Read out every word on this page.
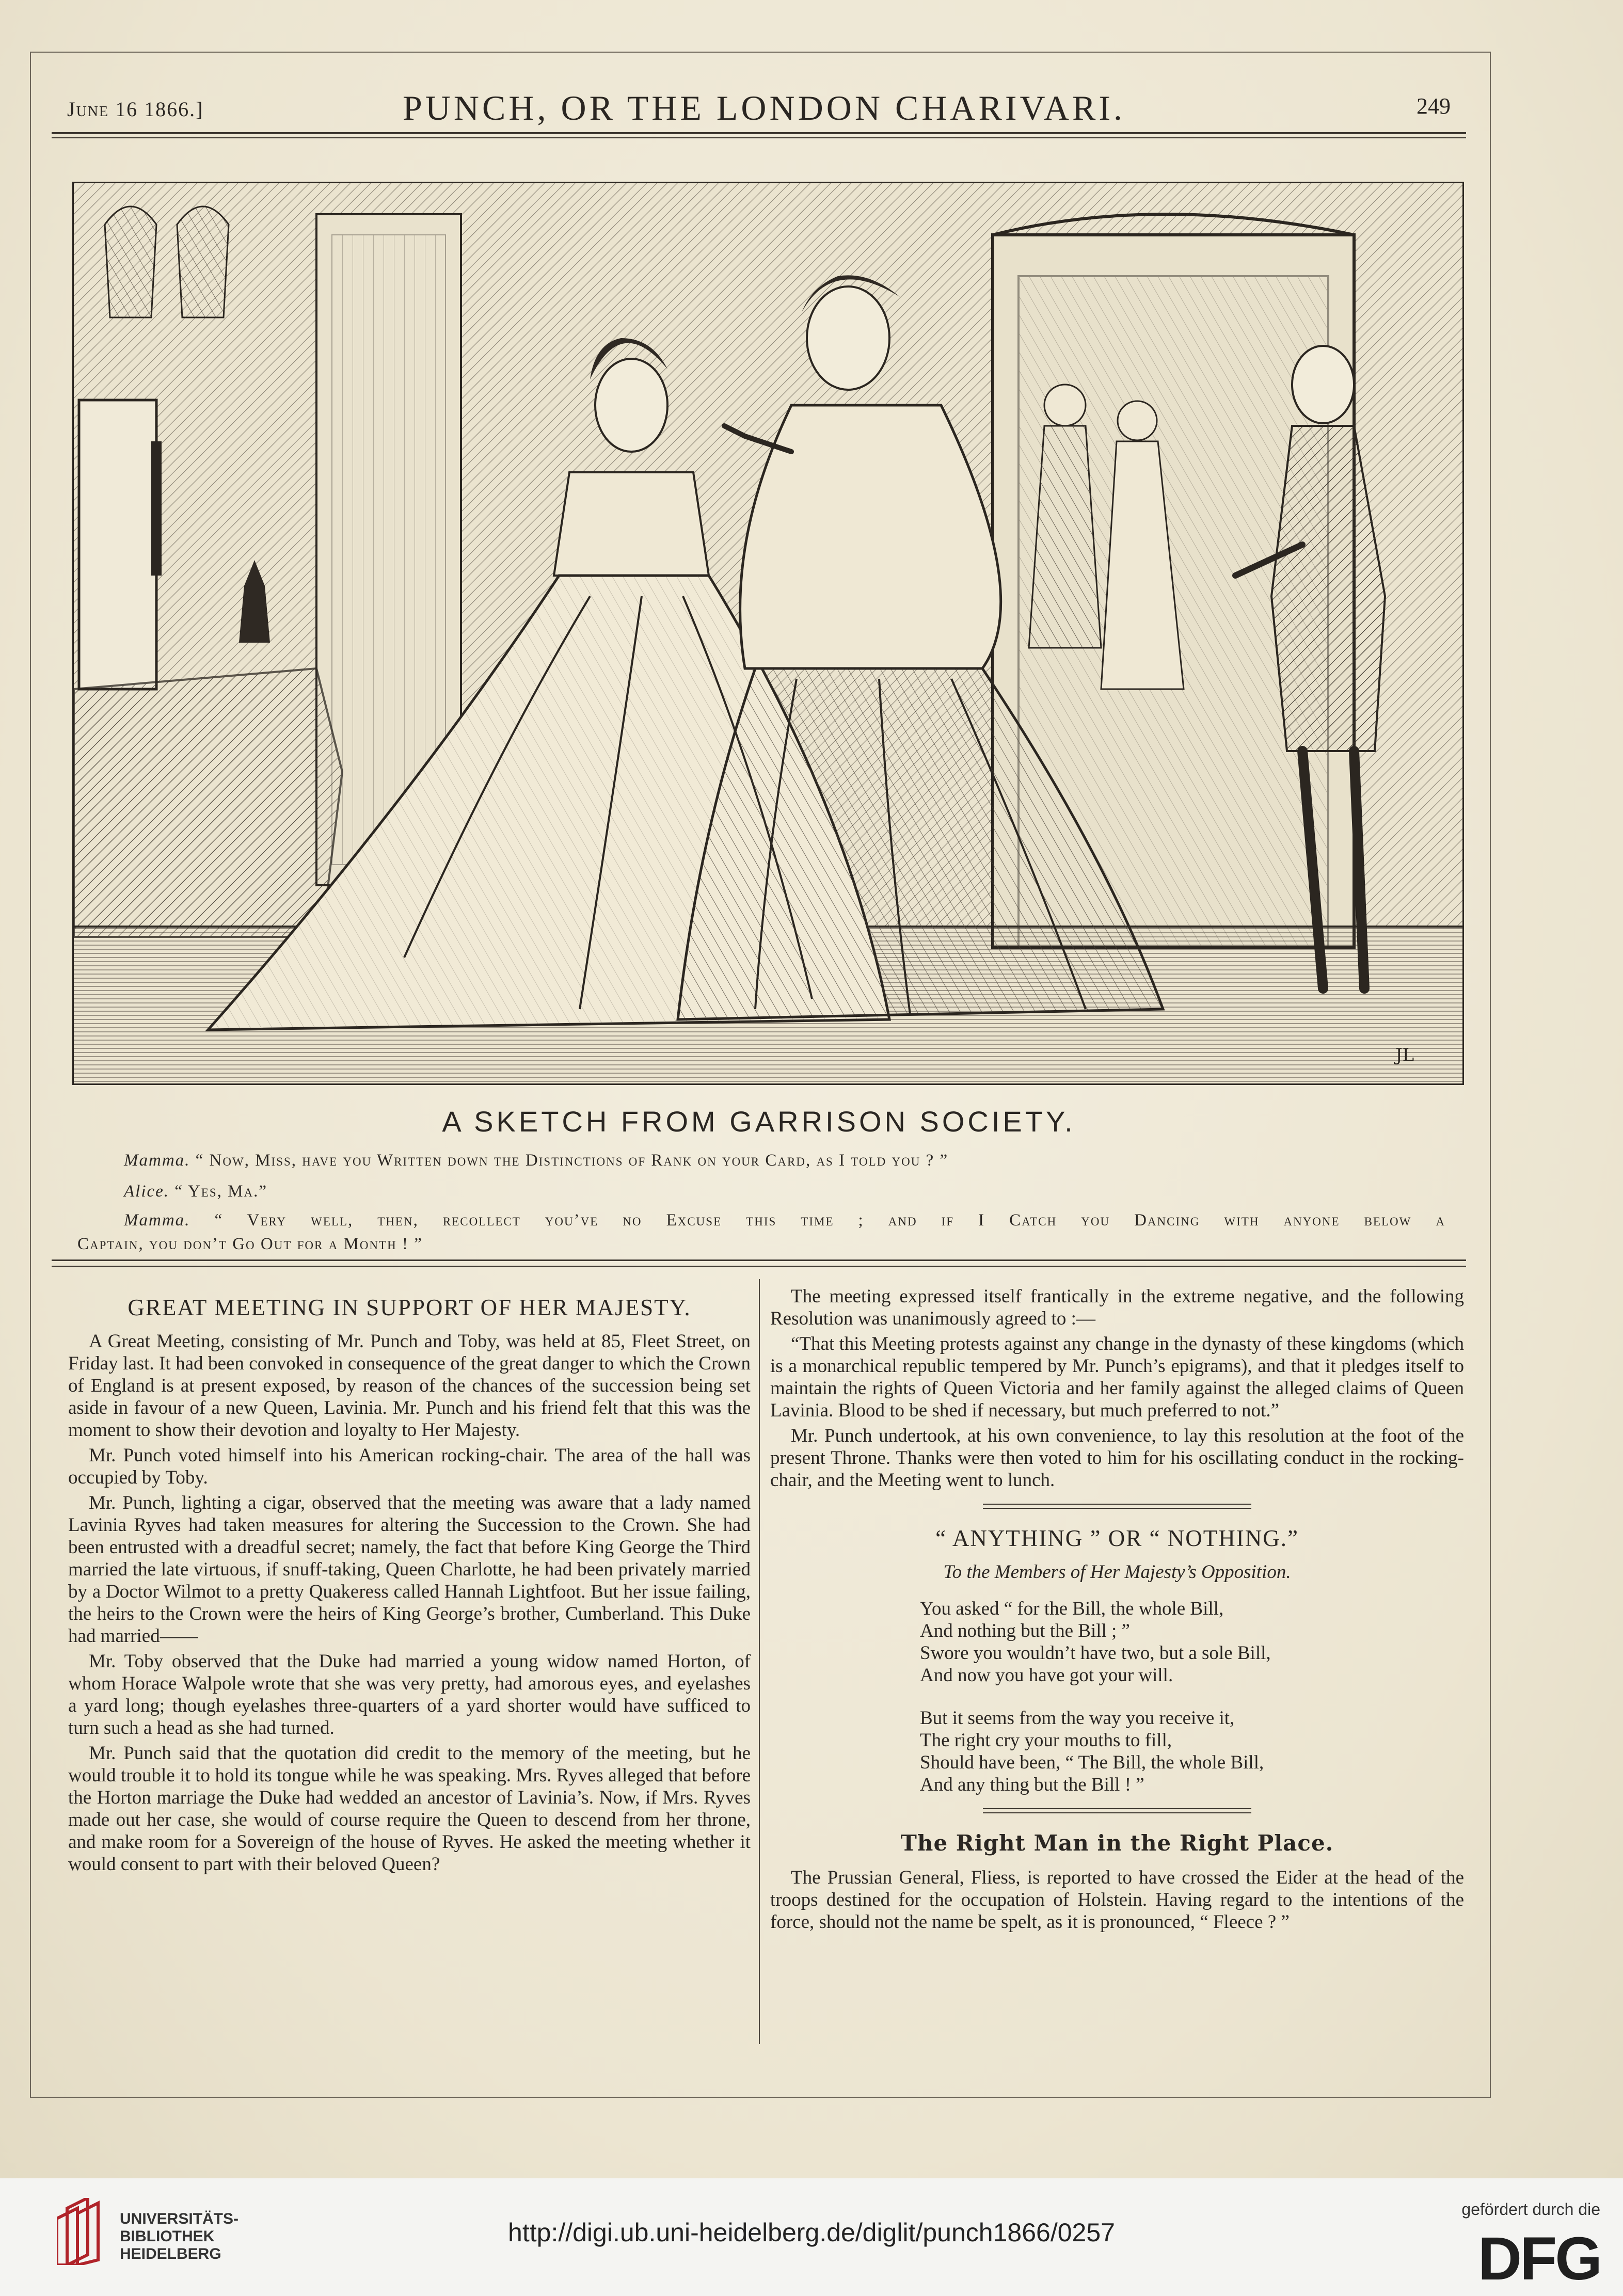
PUNCH, OR THE LONDON CHARIVARI.
June 16 1866.]	249
JL
A SKETCH FROM GARRISON SOCIETY.
Mamma. “ Now, Miss, have you Written down the Distinctions of Rank on your Card, as I told you ? ”
Alice. “ Yes, Ma.”
Mamma. “ Very well, then, recollect you’ve no Excuse this time ; and if I Catch you Dancing with anyone below a
Captain, you don’t Go Out for a Month ! ”
GREAT MEETING IN SUPPORT OF HER MAJESTY.

A Great Meeting, consisting of Mr. Punch and Toby, was held at 85, Fleet Street, on Friday last. It had been convoked in consequence of the great danger to which the Crown of England is at present exposed, by reason of the chances of the succession being set aside in favour of a new Queen, Lavinia. Mr. Punch and his friend felt that this was the moment to show their devotion and loyalty to Her Majesty.

Mr. Punch voted himself into his American rocking-chair. The area of the hall was occupied by Toby.

Mr. Punch, lighting a cigar, observed that the meeting was aware that a lady named Lavinia Ryves had taken measures for altering the Succession to the Crown. She had been entrusted with a dreadful secret; namely, the fact that before King George the Third married the late virtuous, if snuff-taking, Queen Charlotte, he had been privately married by a Doctor Wilmot to a pretty Quakeress called Hannah Lightfoot. But her issue failing, the heirs to the Crown were the heirs of King George’s brother, Cumberland. This Duke had married——

Mr. Toby observed that the Duke had married a young widow named Horton, of whom Horace Walpole wrote that she was very pretty, had amorous eyes, and eyelashes a yard long; though eyelashes three-quarters of a yard shorter would have sufficed to turn such a head as she had turned.

Mr. Punch said that the quotation did credit to the memory of the meeting, but he would trouble it to hold its tongue while he was speaking. Mrs. Ryves alleged that before the Horton marriage the Duke had wedded an ancestor of Lavinia’s. Now, if Mrs. Ryves made out her case, she would of course require the Queen to descend from her throne, and make room for a Sovereign of the house of Ryves. He asked the meeting whether it would consent to part with their beloved Queen?

The meeting expressed itself frantically in the extreme negative, and the following Resolution was unanimously agreed to :—

“That this Meeting protests against any change in the dynasty of these kingdoms (which is a monarchical republic tempered by Mr. Punch’s epigrams), and that it pledges itself to maintain the rights of Queen Victoria and her family against the alleged claims of Queen Lavinia. Blood to be shed if necessary, but much preferred to not.”

Mr. Punch undertook, at his own convenience, to lay this resolution at the foot of the present Throne. Thanks were then voted to him for his oscillating conduct in the rocking-chair, and the Meeting went to lunch.

“ ANYTHING ” OR “ NOTHING.”
To the Members of Her Majesty’s Opposition.
You asked “ for the Bill, the whole Bill,
And nothing but the Bill ; ”
Swore you wouldn’t have two, but a sole Bill,
And now you have got your will.
But it seems from the way you receive it,
The right cry your mouths to fill,
Should have been, “ The Bill, the whole Bill,
And any thing but the Bill ! ”
The Right Man in the Right Place.

The Prussian General, Fliess, is reported to have crossed the Eider at the head of the troops destined for the occupation of Holstein. Having regard to the intentions of the force, should not the name be spelt, as it is pronounced, “ Fleece ? ”

UNIVERSITÄTS-
BIBLIOTHEK
HEIDELBERG
http://digi.ub.uni-heidelberg.de/diglit/punch1866/0257
gefördert durch die
DFG
